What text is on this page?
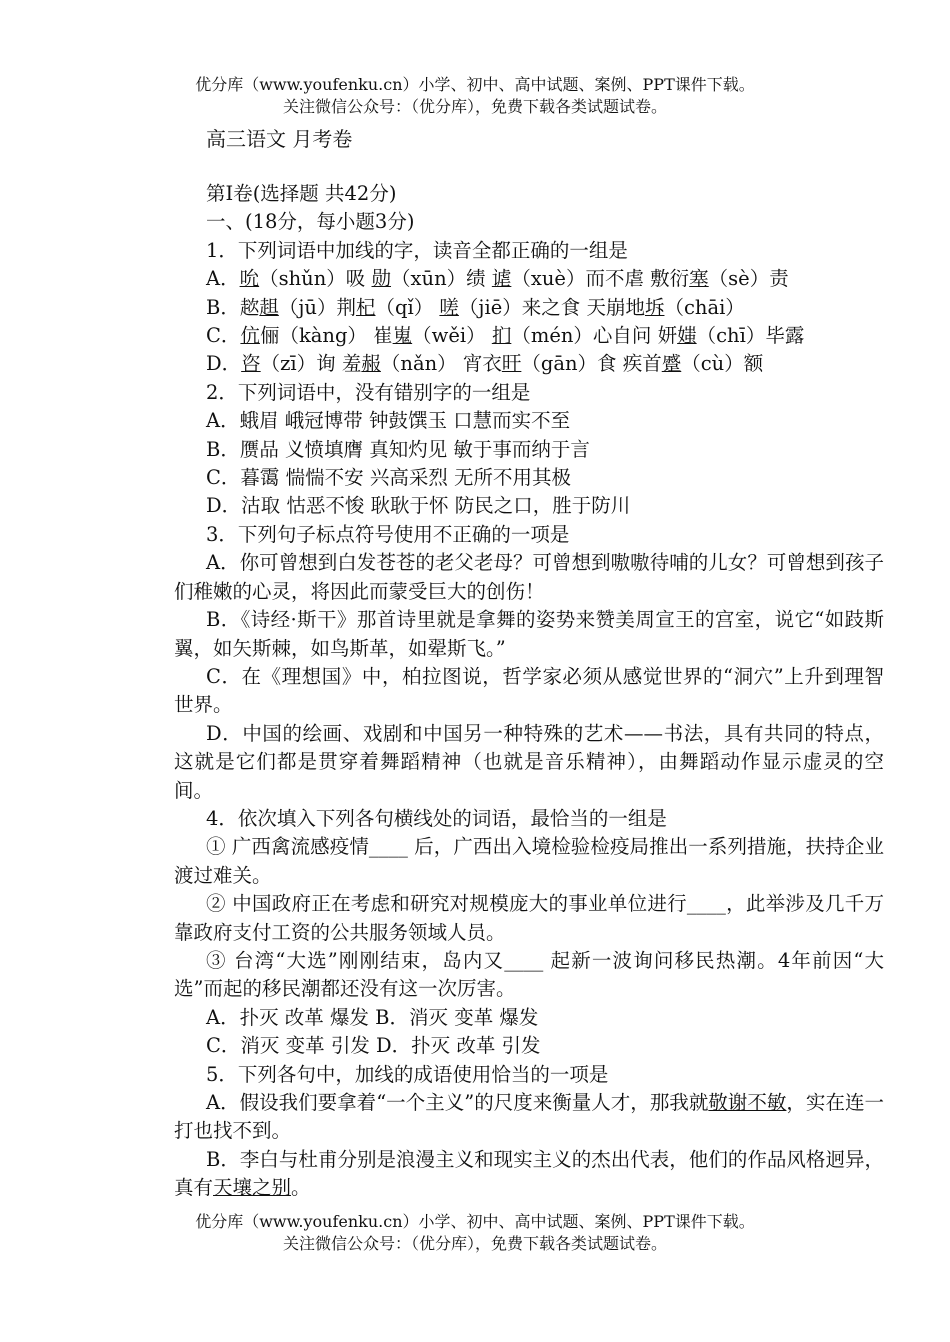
优分库（www.youfenku.cn）小学、初中、高中试题、案例、PPT课件下载。
关注微信公众号：（优分库），免费下载各类试题试卷。
高三语文 月考卷

第Ⅰ卷(选择题 共42分)

一、(18分，每小题3分)

1．下列词语中加线的字，读音全都正确的一组是

A．吮（shǔn）吸 勋（xūn）绩 谑（xuè）而不虐 敷衍塞（sè）责

B．趑趄（jū）荆杞（qǐ） 嗟（jiē）来之食 天崩地坼（chāi）

C．伉俪（kàng） 崔嵬（wěi） 扪（mén）心自问 妍媸（chī）毕露

D．咨（zī）询 羞赧（nǎn） 宵衣旰（gān）食 疾首蹙（cù）额

2．下列词语中，没有错别字的一组是

A．蛾眉 峨冠博带 钟鼓馔玉 口慧而实不至

B．赝品 义愤填膺 真知灼见 敏于事而纳于言

C．暮霭 惴惴不安 兴高采烈 无所不用其极

D．沽取 怙恶不悛 耿耿于怀 防民之口，胜于防川

3．下列句子标点符号使用不正确的一项是

A．你可曾想到白发苍苍的老父老母？可曾想到嗷嗷待哺的儿女？可曾想到孩子们稚嫩的心灵，将因此而蒙受巨大的创伤！

B．《诗经·斯干》那首诗里就是拿舞的姿势来赞美周宣王的宫室，说它“如跂斯翼，如矢斯棘，如鸟斯革，如翚斯飞。”

C．在《理想国》中，柏拉图说，哲学家必须从感觉世界的“洞穴”上升到理智世界。

D．中国的绘画、戏剧和中国另一种特殊的艺术——书法，具有共同的特点，这就是它们都是贯穿着舞蹈精神（也就是音乐精神），由舞蹈动作显示虚灵的空间。

4．依次填入下列各句横线处的词语，最恰当的一组是

① 广西禽流感疫情____ 后，广西出入境检验检疫局推出一系列措施，扶持企业渡过难关。

② 中国政府正在考虑和研究对规模庞大的事业单位进行____，此举涉及几千万靠政府支付工资的公共服务领域人员。

③ 台湾“大选”刚刚结束，岛内又____ 起新一波询问移民热潮。4年前因“大选”而起的移民潮都还没有这一次厉害。

A．扑灭 改革 爆发 B．消灭 变革 爆发

C．消灭 变革 引发 D．扑灭 改革 引发

5．下列各句中，加线的成语使用恰当的一项是

A．假设我们要拿着“一个主义”的尺度来衡量人才，那我就敬谢不敏，实在连一打也找不到。

B．李白与杜甫分别是浪漫主义和现实主义的杰出代表，他们的作品风格迥异，真有天壤之别。

优分库（www.youfenku.cn）小学、初中、高中试题、案例、PPT课件下载。
关注微信公众号：（优分库），免费下载各类试题试卷。
